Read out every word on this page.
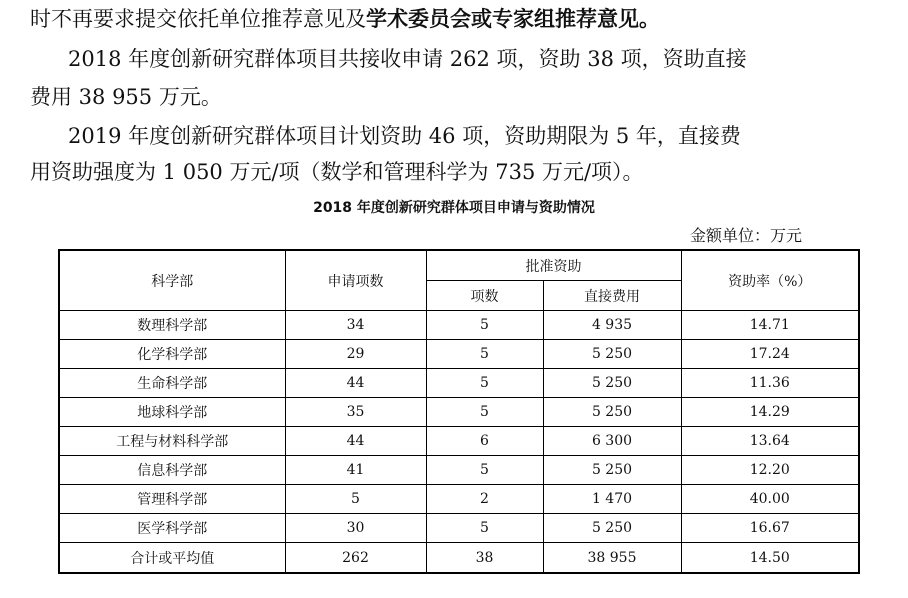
时不再要求提交依托单位推荐意见及学术委员会或专家组推荐意见。

2018 年度创新研究群体项目共接收申请 262 项，资助 38 项，资助直接

费用 38 955 万元。

2019 年度创新研究群体项目计划资助 46 项，资助期限为 5 年，直接费

用资助强度为 1 050 万元/项（数学和管理科学为 735 万元/项）。

2018 年度创新研究群体项目申请与资助情况
金额单位：万元
科学部	申请项数	批准资助		资助率（%）
		项数	直接费用	
数理科学部	34	5	4 935	14.71
化学科学部	29	5	5 250	17.24
生命科学部	44	5	5 250	11.36
地球科学部	35	5	5 250	14.29
工程与材料科学部	44	6	6 300	13.64
信息科学部	41	5	5 250	12.20
管理科学部	5	2	1 470	40.00
医学科学部	30	5	5 250	16.67
合计或平均值	262	38	38 955	14.50
